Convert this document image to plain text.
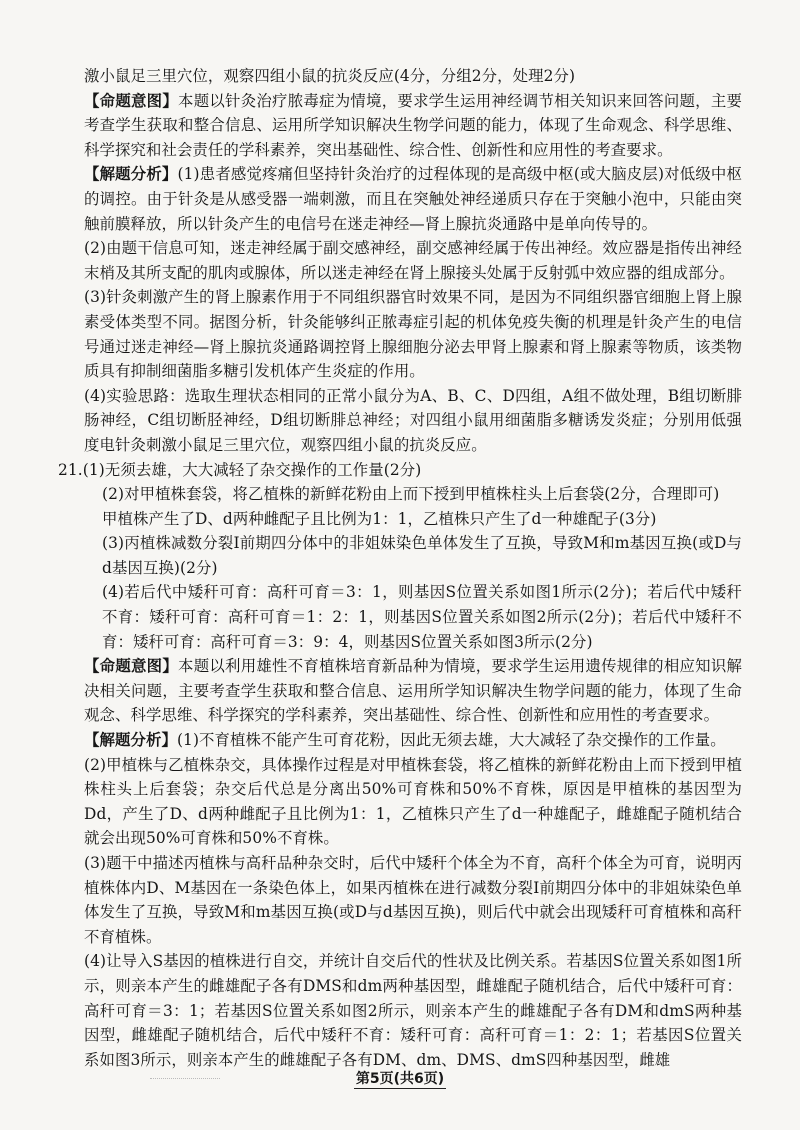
激小鼠足三里穴位，观察四组小鼠的抗炎反应(4分，分组2分，处理2分)

【命题意图】本题以针灸治疗脓毒症为情境，要求学生运用神经调节相关知识来回答问题，主要考查学生获取和整合信息、运用所学知识解决生物学问题的能力，体现了生命观念、科学思维、科学探究和社会责任的学科素养，突出基础性、综合性、创新性和应用性的考查要求。

【解题分析】(1)患者感觉疼痛但坚持针灸治疗的过程体现的是高级中枢(或大脑皮层)对低级中枢的调控。由于针灸是从感受器一端刺激，而且在突触处神经递质只存在于突触小泡中，只能由突触前膜释放，所以针灸产生的电信号在迷走神经—肾上腺抗炎通路中是单向传导的。

(2)由题干信息可知，迷走神经属于副交感神经，副交感神经属于传出神经。效应器是指传出神经末梢及其所支配的肌肉或腺体，所以迷走神经在肾上腺接头处属于反射弧中效应器的组成部分。

(3)针灸刺激产生的肾上腺素作用于不同组织器官时效果不同，是因为不同组织器官细胞上肾上腺素受体类型不同。据图分析，针灸能够纠正脓毒症引起的机体免疫失衡的机理是针灸产生的电信号通过迷走神经—肾上腺抗炎通路调控肾上腺细胞分泌去甲肾上腺素和肾上腺素等物质，该类物质具有抑制细菌脂多糖引发机体产生炎症的作用。

(4)实验思路：选取生理状态相同的正常小鼠分为A、B、C、D四组，A组不做处理，B组切断腓肠神经，C组切断胫神经，D组切断腓总神经；对四组小鼠用细菌脂多糖诱发炎症；分别用低强度电针灸刺激小鼠足三里穴位，观察四组小鼠的抗炎反应。

21.(1)无须去雄，大大减轻了杂交操作的工作量(2分)

(2)对甲植株套袋，将乙植株的新鲜花粉由上而下授到甲植株柱头上后套袋(2分，合理即可)

甲植株产生了D、d两种雌配子且比例为1：1，乙植株只产生了d一种雄配子(3分)

(3)丙植株减数分裂Ⅰ前期四分体中的非姐妹染色单体发生了互换，导致M和m基因互换(或D与d基因互换)(2分)

(4)若后代中矮秆可育：高秆可育＝3：1，则基因S位置关系如图1所示(2分)；若后代中矮秆不育：矮秆可育：高秆可育＝1：2：1，则基因S位置关系如图2所示(2分)；若后代中矮秆不育：矮秆可育：高秆可育＝3：9：4，则基因S位置关系如图3所示(2分)

【命题意图】本题以利用雄性不育植株培育新品种为情境，要求学生运用遗传规律的相应知识解决相关问题，主要考查学生获取和整合信息、运用所学知识解决生物学问题的能力，体现了生命观念、科学思维、科学探究的学科素养，突出基础性、综合性、创新性和应用性的考查要求。

【解题分析】(1)不育植株不能产生可育花粉，因此无须去雄，大大减轻了杂交操作的工作量。

(2)甲植株与乙植株杂交，具体操作过程是对甲植株套袋，将乙植株的新鲜花粉由上而下授到甲植株柱头上后套袋；杂交后代总是分离出50%可育株和50%不育株，原因是甲植株的基因型为Dd，产生了D、d两种雌配子且比例为1：1，乙植株只产生了d一种雄配子，雌雄配子随机结合就会出现50%可育株和50%不育株。

(3)题干中描述丙植株与高秆品种杂交时，后代中矮秆个体全为不育，高秆个体全为可育，说明丙植株体内D、M基因在一条染色体上，如果丙植株在进行减数分裂Ⅰ前期四分体中的非姐妹染色单体发生了互换，导致M和m基因互换(或D与d基因互换)，则后代中就会出现矮秆可育植株和高秆不育植株。

(4)让导入S基因的植株进行自交，并统计自交后代的性状及比例关系。若基因S位置关系如图1所示，则亲本产生的雌雄配子各有DMS和dm两种基因型，雌雄配子随机结合，后代中矮秆可育：高秆可育＝3：1；若基因S位置关系如图2所示，则亲本产生的雌雄配子各有DM和dmS两种基因型，雌雄配子随机结合，后代中矮秆不育：矮秆可育：高秆可育＝1：2：1；若基因S位置关系如图3所示，则亲本产生的雌雄配子各有DM、dm、DMS、dmS四种基因型，雌雄

第5页(共6页)
